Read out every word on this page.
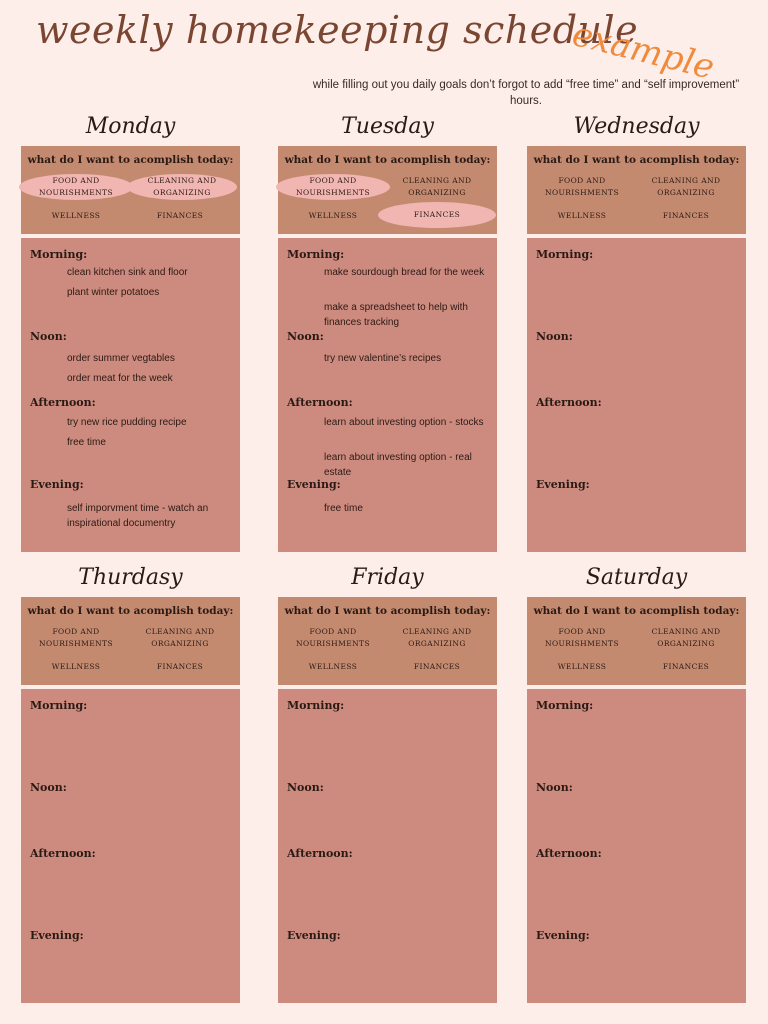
weekly homekeeping schedule
example
while filling out you daily goals don’t forgot to add “free time” and “self improvement” hours.
Monday
what do I want to acomplish today:
FOOD AND NOURISHMENTS
CLEANING AND ORGANIZING
WELLNESS	FINANCES
Morning:
clean kitchen sink and floor
plant winter potatoes
Noon:
order summer vegtables
order meat for the week
Afternoon:
try new rice pudding recipe
free time
Evening:
self imporvment time - watch an inspirational documentry
Tuesday
what do I want to acomplish today:
FOOD AND NOURISHMENTS
CLEANING AND ORGANIZING
WELLNESS	FINANCES
Morning:
make sourdough bread for the week
make a spreadsheet to help with finances tracking
Noon:
try new valentine’s recipes
Afternoon:
learn about investing option - stocks
learn about investing option - real estate
Evening:
free time
Wednesday
what do I want to acomplish today:
FOOD AND NOURISHMENTS
CLEANING AND ORGANIZING
WELLNESS	FINANCES
Morning:
Noon:
Afternoon:
Evening:
Thurdasy
what do I want to acomplish today:
FOOD AND NOURISHMENTS
CLEANING AND ORGANIZING
WELLNESS	FINANCES
Morning:
Noon:
Afternoon:
Evening:
Friday
what do I want to acomplish today:
FOOD AND NOURISHMENTS
CLEANING AND ORGANIZING
WELLNESS	FINANCES
Morning:
Noon:
Afternoon:
Evening:
Saturday
what do I want to acomplish today:
FOOD AND NOURISHMENTS
CLEANING AND ORGANIZING
WELLNESS	FINANCES
Morning:
Noon:
Afternoon:
Evening:
